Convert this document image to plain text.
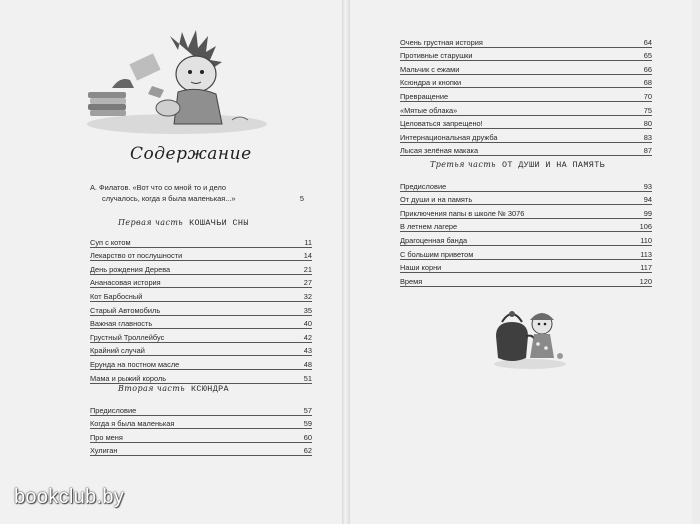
Содержание
А. Филатов. «Вот что со мной то и дело
случалось, когда я была маленькая...»	5
Первая часть КОШАЧЬИ СНЫ
Суп с котом	11
Лекарство от послушности	14
День рождения Дерева	21
Ананасовая история	27
Кот Барбосный	32
Старый Автомобиль	35
Важная главность	40
Грустный Троллейбус	42
Крайний случай	43
Ерунда на постном масле	48
Мама и рыжий король	51
Вторая часть КСЮНДРА
Предисловие	57
Когда я была маленькая	59
Про меня	60
Хулиган	62
bookclub.by
Очень грустная история	64
Противные старушки	65
Мальчик с ежами	66
Ксюндра и кнопки	68
Превращение	70
«Мятые облака»	75
Целоваться запрещено!	80
Интернациональная дружба	83
Лысая зелёная макака	87
Третья часть ОТ ДУШИ И НА ПАМЯТЬ
Предисловие	93
От души и на память	94
Приключения папы в школе № 3076	99
В летнем лагере	106
Драгоценная банда	110
С большим приветом	113
Наши корни	117
Время	120
